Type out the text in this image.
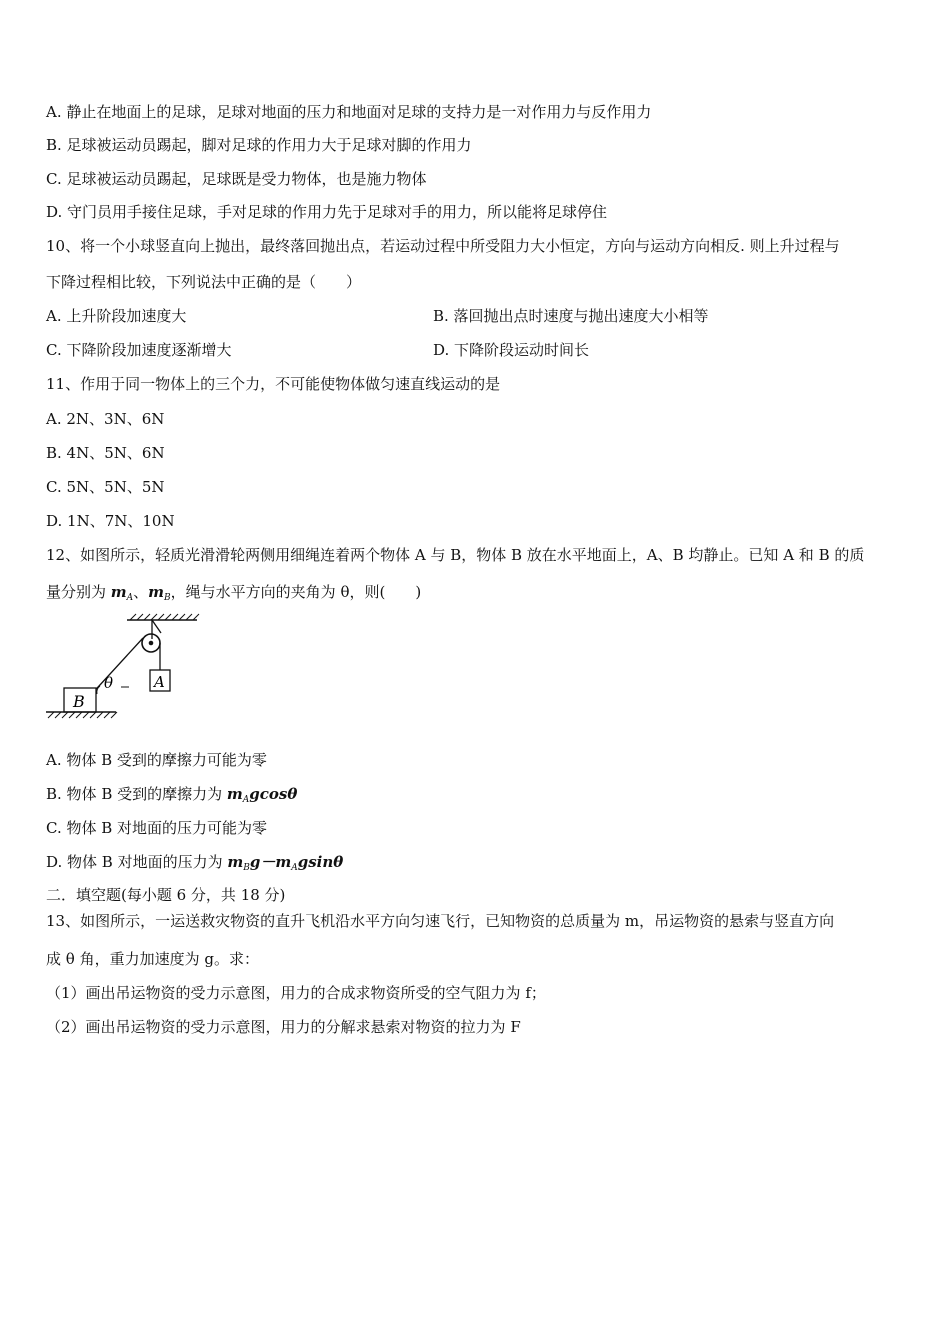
A. 静止在地面上的足球，足球对地面的压力和地面对足球的支持力是一对作用力与反作用力
B. 足球被运动员踢起，脚对足球的作用力大于足球对脚的作用力
C. 足球被运动员踢起，足球既是受力物体，也是施力物体
D. 守门员用手接住足球，手对足球的作用力先于足球对手的用力，所以能将足球停住
10、将一个小球竖直向上抛出，最终落回抛出点，若运动过程中所受阻力大小恒定，方向与运动方向相反. 则上升过程与
下降过程相比较，下列说法中正确的是（　　）
A. 上升阶段加速度大	B. 落回抛出点时速度与抛出速度大小相等
C. 下降阶段加速度逐渐增大	D. 下降阶段运动时间长
11、作用于同一物体上的三个力，不可能使物体做匀速直线运动的是
A. 2N、3N、6N
B. 4N、5N、6N
C. 5N、5N、5N
D. 1N、7N、10N
12、如图所示，轻质光滑滑轮两侧用细绳连着两个物体 A 与 B，物体 B 放在水平地面上，A、B 均静止。已知 A 和 B 的质
量分别为 $m_A$、$m_B$，绳与水平方向的夹角为 θ，则(　　)
A
B
θ
A. 物体 B 受到的摩擦力可能为零
B. 物体 B 受到的摩擦力为 $m_Agcos\theta$
C. 物体 B 对地面的压力可能为零
D. 物体 B 对地面的压力为 $m_Bg-m_Agsin\theta$
二．填空题(每小题 6 分，共 18 分)
13、如图所示，一运送救灾物资的直升飞机沿水平方向匀速飞行，已知物资的总质量为 m，吊运物资的悬索与竖直方向
成 θ 角，重力加速度为 g。求：
（1）画出吊运物资的受力示意图，用力的合成求物资所受的空气阻力为 f；
（2）画出吊运物资的受力示意图，用力的分解求悬索对物资的拉力为 F
